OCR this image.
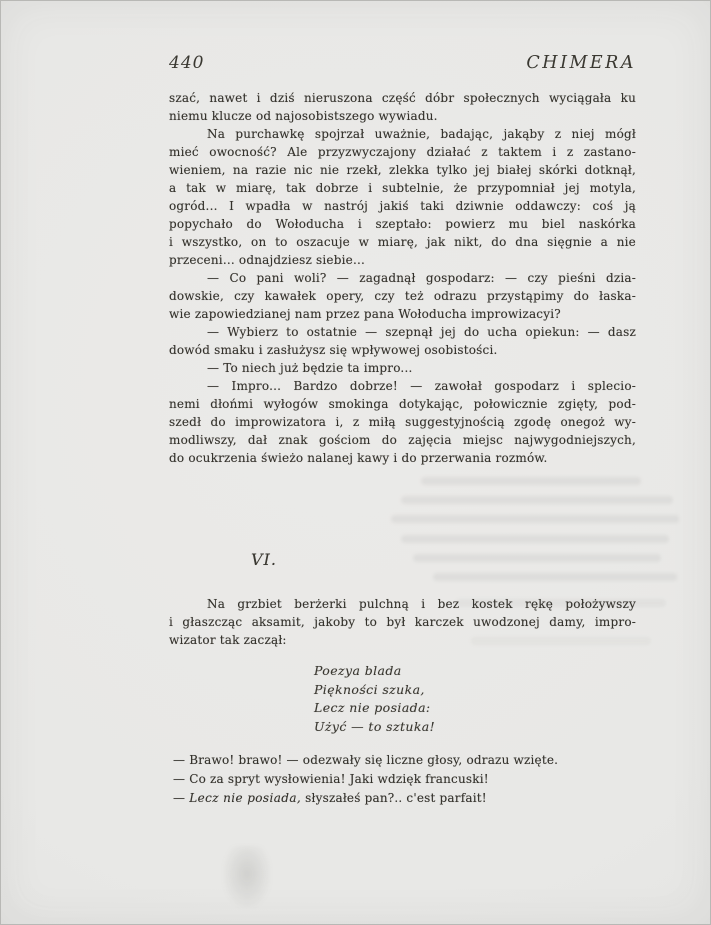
440	CHIMERA
szać, nawet i dziś nieruszona część dóbr społecznych wyciągała ku
niemu klucze od najosobistszego wywiadu.
Na purchawkę spojrzał uważnie, badając, jakąby z niej mógł
mieć owocność? Ale przyzwyczajony działać z taktem i z zastano-
wieniem, na razie nic nie rzekł, zlekka tylko jej białej skórki dotknął,
a tak w miarę, tak dobrze i subtelnie, że przypomniał jej motyla,
ogród... I wpadła w nastrój jakiś taki dziwnie oddawczy: coś ją
popychało do Wołoducha i szeptało: powierz mu biel naskórka
i wszystko, on to oszacuje w miarę, jak nikt, do dna sięgnie a nie
przeceni... odnajdziesz siebie...
— Co pani woli? — zagadnął gospodarz: — czy pieśni dzia-
dowskie, czy kawałek opery, czy też odrazu przystąpimy do łaska-
wie zapowiedzianej nam przez pana Wołoducha improwizacyi?
— Wybierz to ostatnie — szepnął jej do ucha opiekun: — dasz
dowód smaku i zasłużysz się wpływowej osobistości.
— To niech już będzie ta impro...
— Impro... Bardzo dobrze! — zawołał gospodarz i splecio-
nemi dłońmi wyłogów smokinga dotykając, połowicznie zgięty, pod-
szedł do improwizatora i, z miłą suggestyjnością zgodę onegoż wy-
modliwszy, dał znak gościom do zajęcia miejsc najwygodniejszych,
do ocukrzenia świeżo nalanej kawy i do przerwania rozmów.
VI.
Na grzbiet berżerki pulchną i bez kostek rękę położywszy
i głaszcząc aksamit, jakoby to był karczek uwodzonej damy, impro-
wizator tak zaczął:
Poezya blada
Piękności szuka,
Lecz nie posiada:
Użyć — to sztuka!
— Brawo! brawo! — odezwały się liczne głosy, odrazu wzięte.
— Co za spryt wysłowienia! Jaki wdzięk francuski!
— Lecz nie posiada, słyszałeś pan?.. c'est parfait!
